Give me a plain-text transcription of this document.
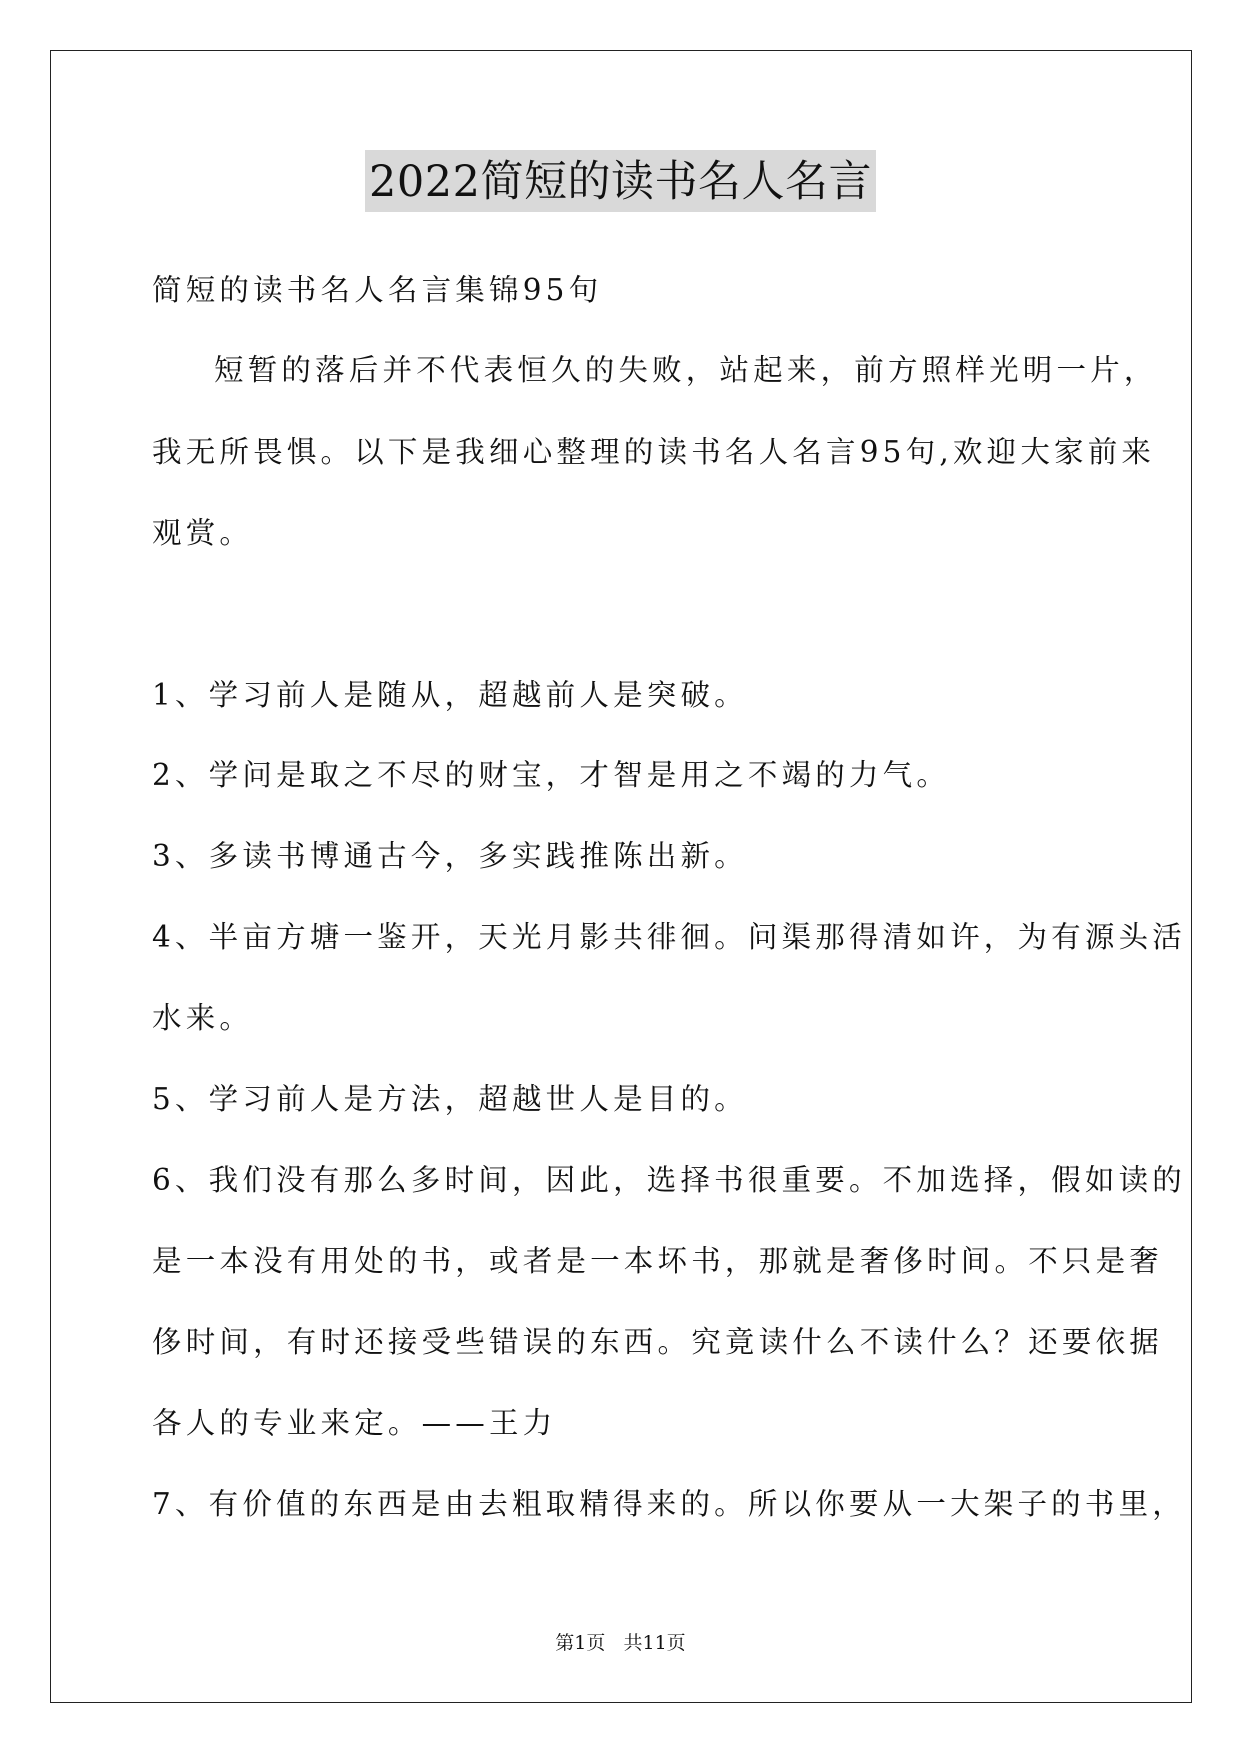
2022简短的读书名人名言
简短的读书名人名言集锦95句
短暂的落后并不代表恒久的失败，站起来，前方照样光明一片，
我无所畏惧。以下是我细心整理的读书名人名言95句,欢迎大家前来
观赏。
1、学习前人是随从，超越前人是突破。
2、学问是取之不尽的财宝，才智是用之不竭的力气。
3、多读书博通古今，多实践推陈出新。
4、半亩方塘一鉴开，天光月影共徘徊。问渠那得清如许，为有源头活
水来。
5、学习前人是方法，超越世人是目的。
6、我们没有那么多时间，因此，选择书很重要。不加选择，假如读的
是一本没有用处的书，或者是一本坏书，那就是奢侈时间。不只是奢
侈时间，有时还接受些错误的东西。究竟读什么不读什么？还要依据
各人的专业来定。——王力
7、有价值的东西是由去粗取精得来的。所以你要从一大架子的书里，
第1页   共11页
